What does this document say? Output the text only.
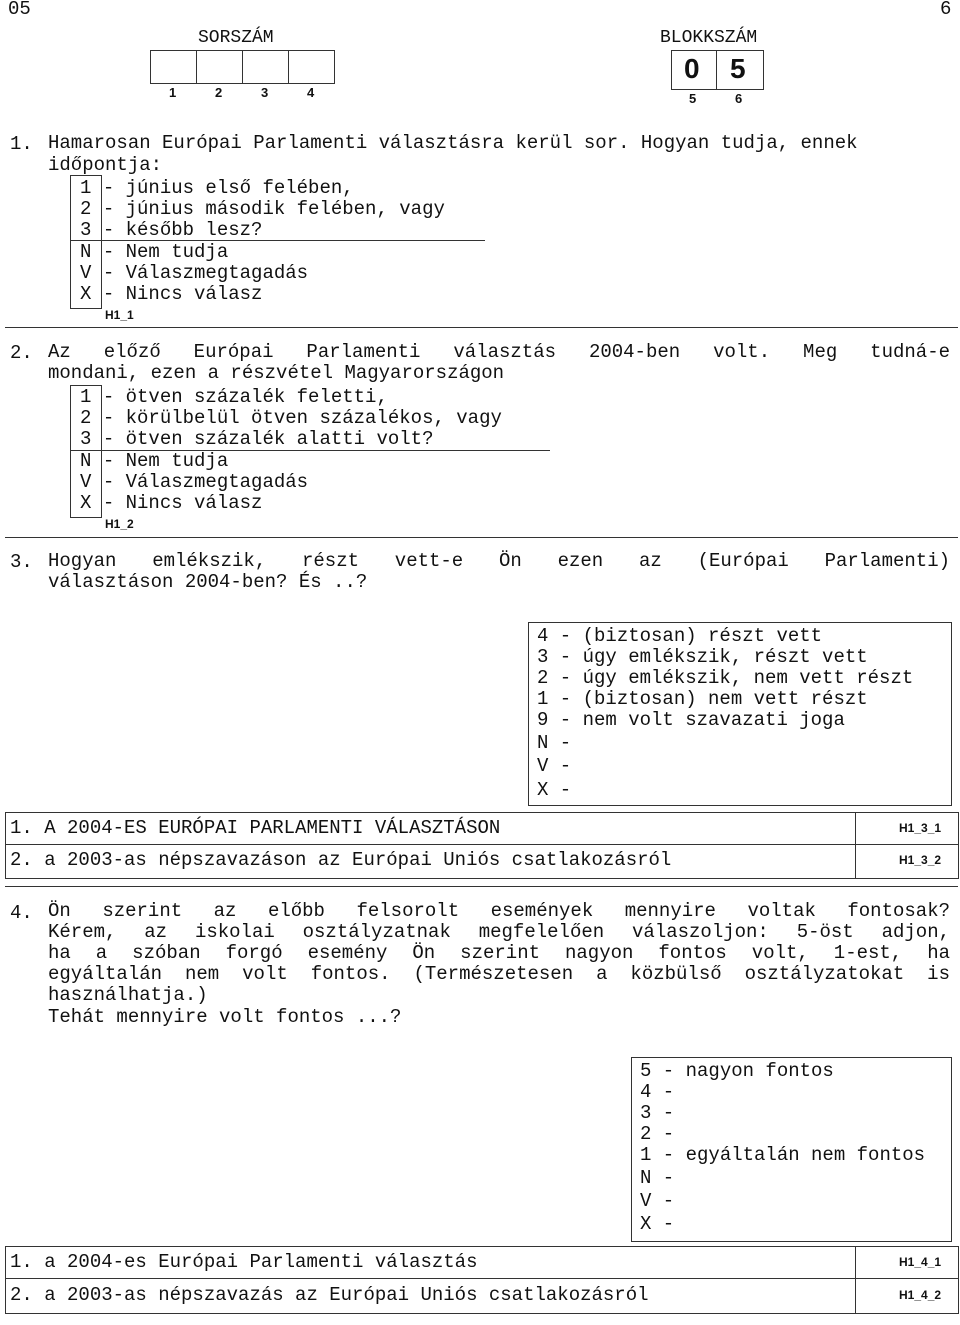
05	6
SORSZÁM
1	2	3	4
BLOKKSZÁM
0 5
5	6
1. Hamarosan Európai Parlamenti választásra kerül sor. Hogyan tudja, ennek
időpontja:
1 - június első felében,
2 - június második felében, vagy
3 - később lesz?
N - Nem tudja
V - Válaszmegtagadás
X - Nincs válasz
H1_1
2. Az előző Európai Parlamenti választás 2004-ben volt. Meg tudná-e
mondani, ezen a részvétel Magyarországon
1 - ötven százalék feletti,
2 - körülbelül ötven százalékos, vagy
3 - ötven százalék alatti volt?
N - Nem tudja
V - Válaszmegtagadás
X - Nincs válasz
H1_2
3. Hogyan emlékszik, részt vett-e Ön ezen az (Európai Parlamenti)
választáson 2004-ben? És ..?
4 - (biztosan) részt vett
3 - úgy emlékszik, részt vett
2 - úgy emlékszik, nem vett részt
1 - (biztosan) nem vett részt
9 - nem volt szavazati joga
N -
V -
X -
1. A 2004-ES EURÓPAI PARLAMENTI VÁLASZTÁSON	H1_3_1
2. a 2003-as népszavazáson az Európai Uniós csatlakozásról	H1_3_2
4. Ön szerint az előbb felsorolt események mennyire voltak fontosak?
Kérem, az iskolai osztályzatnak megfelelően válaszoljon: 5-öst adjon,
ha a szóban forgó esemény Ön szerint nagyon fontos volt, 1-est, ha
egyáltalán nem volt fontos. (Természetesen a közbülső osztályzatokat is
használhatja.)
Tehát mennyire volt fontos ...?
5 - nagyon fontos
4 -
3 -
2 -
1 - egyáltalán nem fontos
N -
V -
X -
1. a 2004-es Európai Parlamenti választás	H1_4_1
2. a 2003-as népszavazás az Európai Uniós csatlakozásról	H1_4_2
